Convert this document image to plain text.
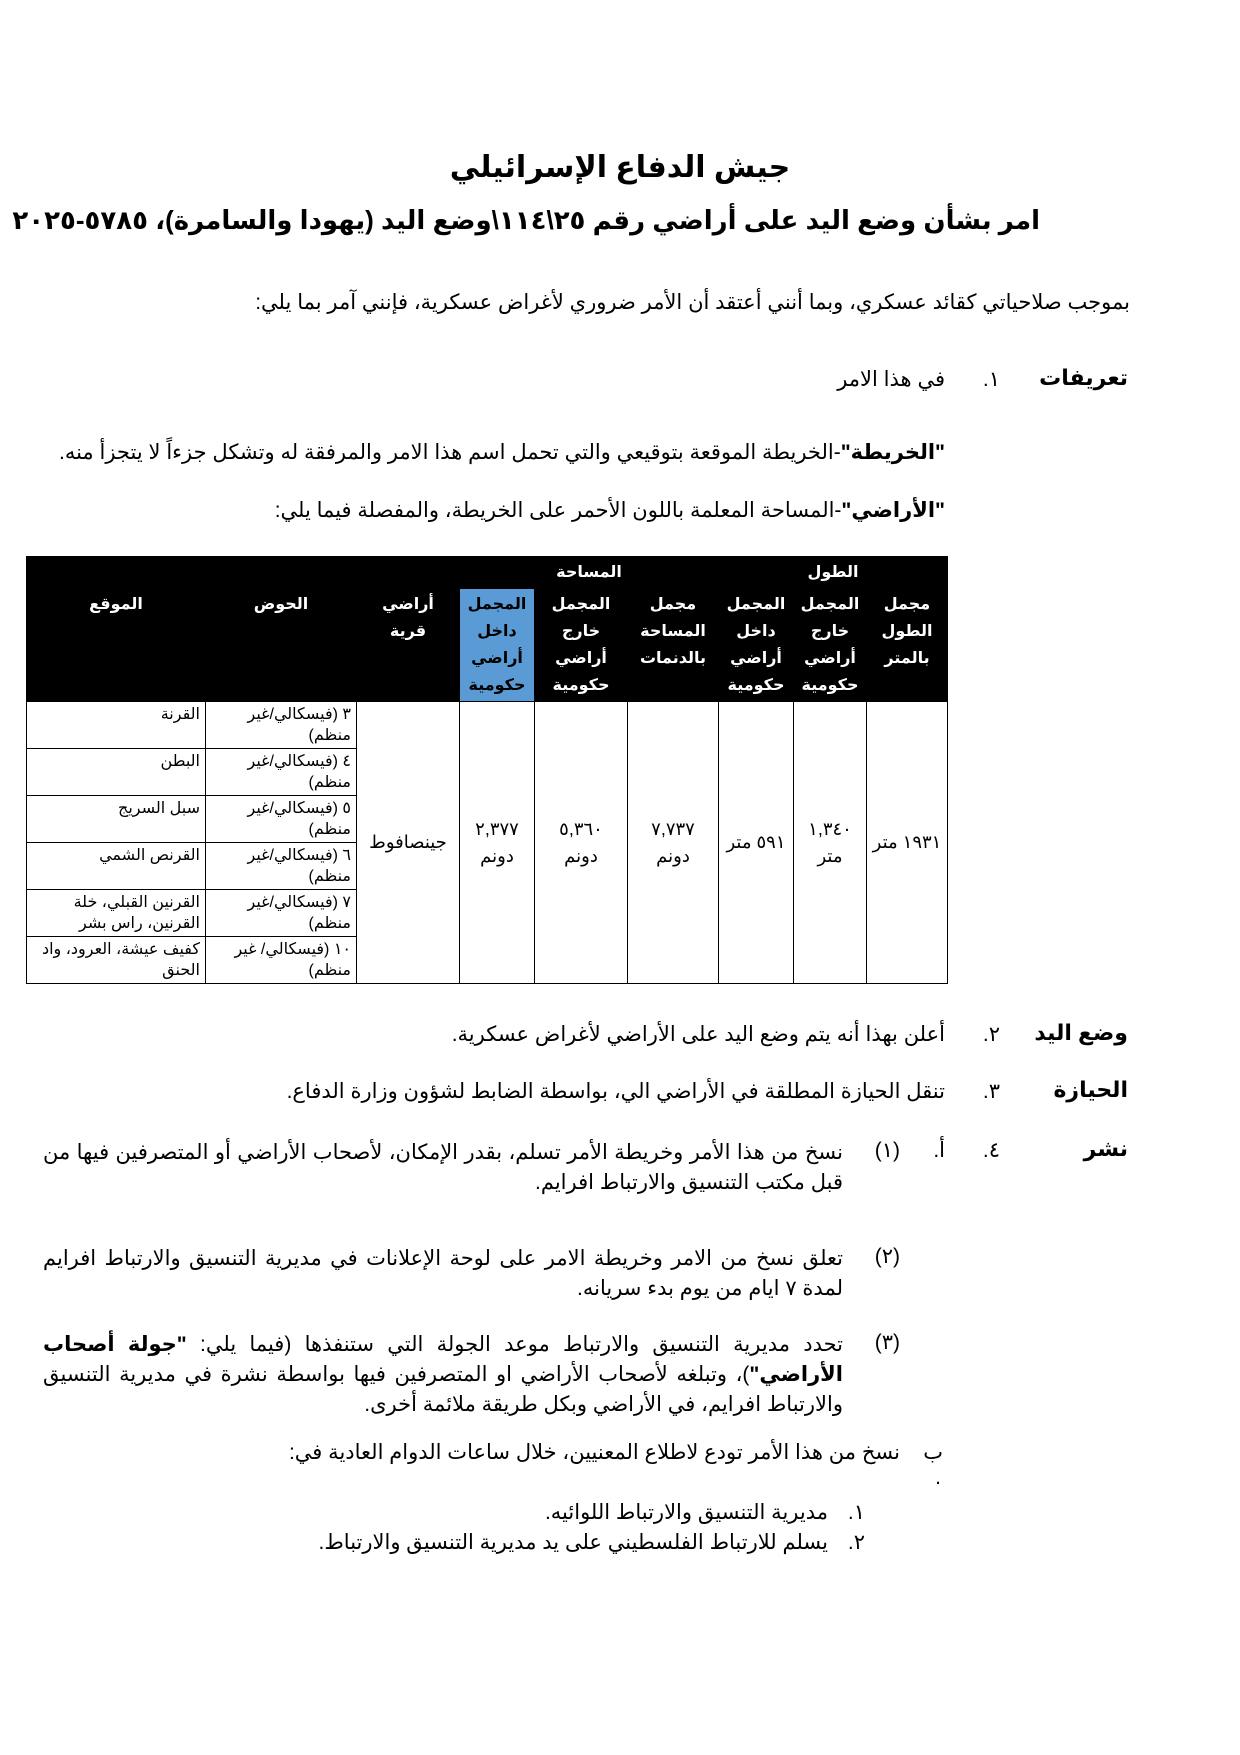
جيش الدفاع الإسرائيلي
امر بشأن وضع اليد على أراضي رقم ٢٥\١١٤\وضع اليد (يهودا والسامرة)، ٥٧٨٥-٢٠٢٥
بموجب صلاحياتي كقائد عسكري، وبما أنني أعتقد أن الأمر ضروري لأغراض عسكرية، فإنني آمر بما يلي:
تعريفات
١.
في هذا الامر
"الخريطة"-الخريطة الموقعة بتوقيعي والتي تحمل اسم هذا الامر والمرفقة له وتشكل جزءاً لا يتجزأ منه.
"الأراضي"-المساحة المعلمة باللون الأحمر على الخريطة، والمفصلة فيما يلي:
الطول			المساحة					
مجمل الطول بالمتر	المجمل خارج أراضي حكومية	المجمل داخل أراضي حكومية	مجمل المساحة بالدنمات	المجمل خارج أراضي حكومية	المجمل داخل أراضي حكومية	أراضي قرية	الحوض	الموقع
١٩٣١ متر	١,٣٤٠ متر	٥٩١ متر	٧,٧٣٧ دونم	٥,٣٦٠ دونم	٢,٣٧٧ دونم	جينصافوط	٣ (فيسكالي/غير منظم)	القرنة
							٤ (فيسكالي/غير منظم)	البطن
							٥ (فيسكالي/غير منظم)	سبل السريج
							٦ (فيسكالي/غير منظم)	القرنص الشمي
							٧ (فيسكالي/غير منظم)	القرنين القبلي، خلة القرنين، راس بشر
							١٠ (فيسكالي/ غير منظم)	كفيف عيشة، العرود، واد الحنق
وضع اليد
٢.
أعلن بهذا أنه يتم وضع اليد على الأراضي لأغراض عسكرية.
الحيازة
٣.
تنقل الحيازة المطلقة في الأراضي الي، بواسطة الضابط لشؤون وزارة الدفاع.
نشر
٤.
أ.
(١)
نسخ من هذا الأمر وخريطة الأمر تسلم، بقدر الإمكان، لأصحاب الأراضي أو المتصرفين فيها من قبل مكتب التنسيق والارتباط افرايم.
(٢)
تعلق نسخ من الامر وخريطة الامر على لوحة الإعلانات في مديرية التنسيق والارتباط افرايم لمدة ٧ ايام من يوم بدء سريانه.
(٣)
تحدد مديرية التنسيق والارتباط موعد الجولة التي ستنفذها (فيما يلي: "جولة أصحاب الأراضي")، وتبلغه لأصحاب الأراضي او المتصرفين فيها بواسطة نشرة في مديرية التنسيق والارتباط افرايم، في الأراضي وبكل طريقة ملائمة أخرى.
ب
.
نسخ من هذا الأمر تودع لاطلاع المعنيين، خلال ساعات الدوام العادية في:
١.
مديرية التنسيق والارتباط اللوائيه.
٢.
يسلم للارتباط الفلسطيني على يد مديرية التنسيق والارتباط.
